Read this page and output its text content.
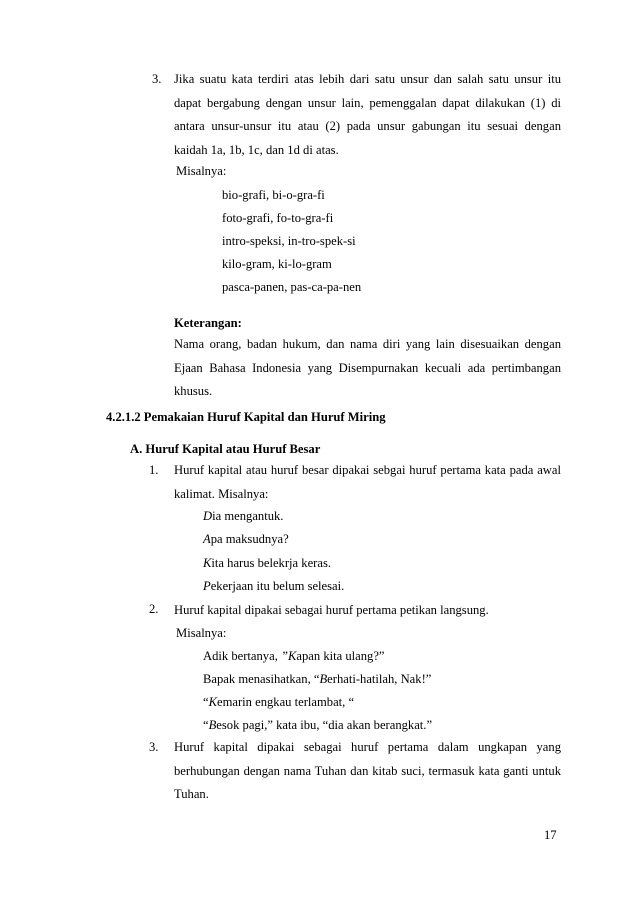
3. Jika suatu kata terdiri atas lebih dari satu unsur dan salah satu unsur itu dapat bergabung dengan unsur lain, pemenggalan dapat dilakukan (1) di antara unsur-unsur itu atau (2) pada unsur gabungan itu sesuai dengan kaidah 1a, 1b, 1c, dan 1d di atas.
Misalnya:
bio-grafi, bi-o-gra-fi
foto-grafi, fo-to-gra-fi
intro-speksi, in-tro-spek-si
kilo-gram, ki-lo-gram
pasca-panen, pas-ca-pa-nen
Keterangan:
Nama orang, badan hukum, dan nama diri yang lain disesuaikan dengan Ejaan Bahasa Indonesia yang Disempurnakan kecuali ada pertimbangan khusus.
4.2.1.2 Pemakaian Huruf Kapital dan Huruf Miring
A. Huruf Kapital atau Huruf Besar
1. Huruf kapital atau huruf besar dipakai sebgai huruf pertama kata pada awal kalimat. Misalnya:
Dia mengantuk.
Apa maksudnya?
Kita harus belekrja keras.
Pekerjaan itu belum selesai.
2. Huruf kapital dipakai sebagai huruf pertama petikan langsung.
Misalnya:
Adik bertanya, ”Kapan kita ulang?”
Bapak menasihatkan, “Berhati-hatilah, Nak!”
“Kemarin engkau terlambat, “
“Besok pagi,” kata ibu, “dia akan berangkat.”
3. Huruf kapital dipakai sebagai huruf pertama dalam ungkapan yang berhubungan dengan nama Tuhan dan kitab suci, termasuk kata ganti untuk Tuhan.
17
